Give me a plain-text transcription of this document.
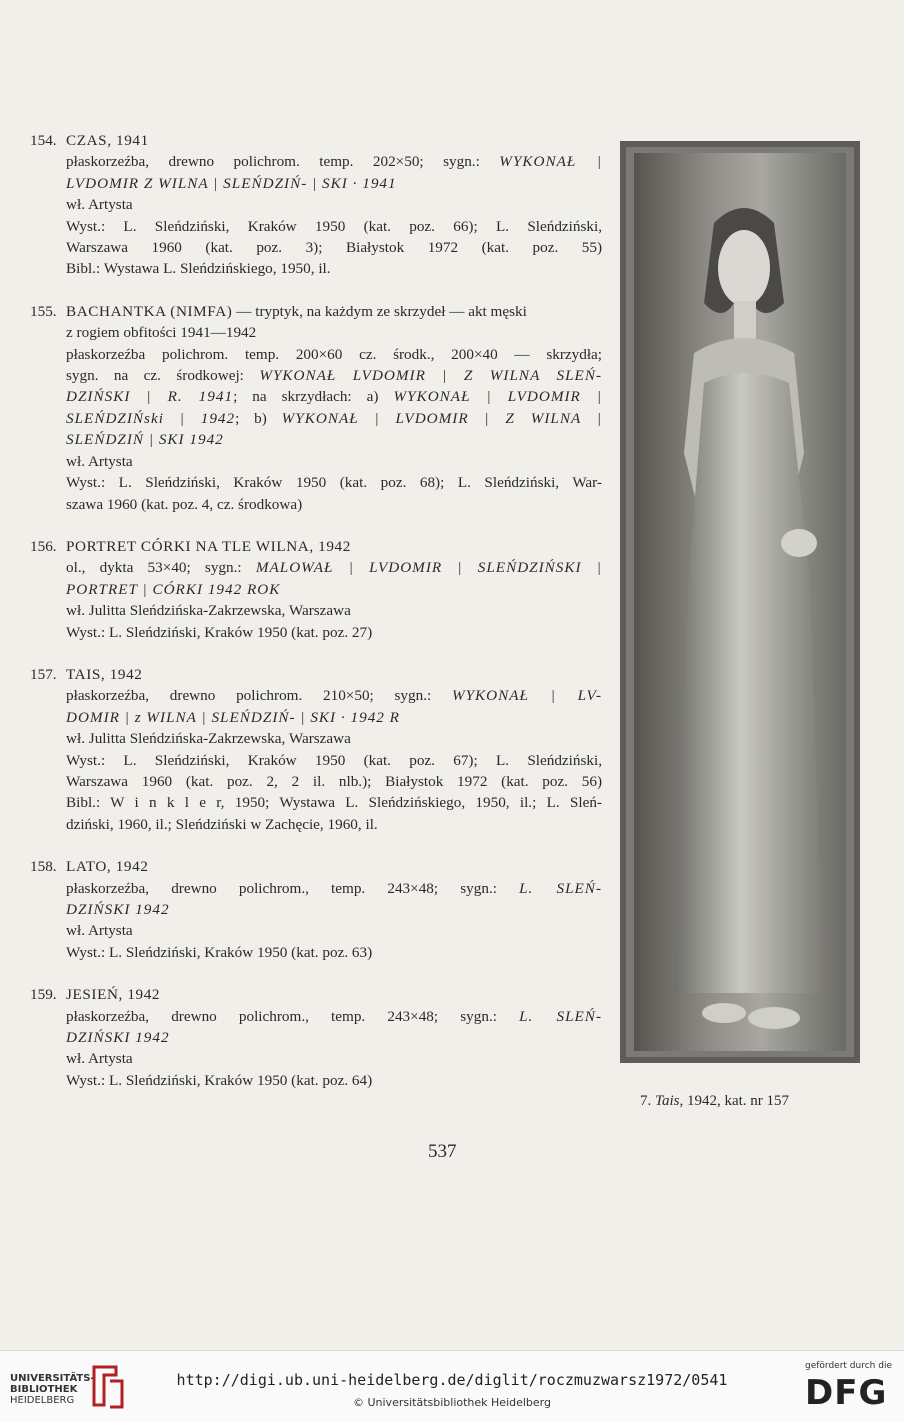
154. CZAS, 1941
płaskorzeźba, drewno polichrom. temp. 202×50; sygn.: WYKONAŁ |
LVDOMIR Z WILNA | SLEŃDZIŃ- | SKI · 1941
wł. Artysta
Wyst.: L. Sleńdziński, Kraków 1950 (kat. poz. 66); L. Sleńdziński,
Warszawa 1960 (kat. poz. 3); Białystok 1972 (kat. poz. 55)
Bibl.: Wystawa L. Sleńdzińskiego, 1950, il.
155. BACHANTKA (NIMFA) — tryptyk, na każdym ze skrzydeł — akt męski
z rogiem obfitości 1941—1942
płaskorzeźba polichrom. temp. 200×60 cz. środk., 200×40 — skrzydła;
sygn. na cz. środkowej: WYKONAŁ LVDOMIR | Z WILNA SLEŃ-
DZIŃSKI | R. 1941; na skrzydłach: a) WYKONAŁ | LVDOMIR |
SLEŃDZIŃski | 1942; b) WYKONAŁ | LVDOMIR | Z WILNA |
SLEŃDZIŃ | SKI 1942
wł. Artysta
Wyst.: L. Sleńdziński, Kraków 1950 (kat. poz. 68); L. Sleńdziński, War-
szawa 1960 (kat. poz. 4, cz. środkowa)
156. PORTRET CÓRKI NA TLE WILNA, 1942
ol., dykta 53×40; sygn.: MALOWAŁ | LVDOMIR | SLEŃDZIŃSKI |
PORTRET | CÓRKI 1942 ROK
wł. Julitta Sleńdzińska-Zakrzewska, Warszawa
Wyst.: L. Sleńdziński, Kraków 1950 (kat. poz. 27)
157. TAIS, 1942
płaskorzeźba, drewno polichrom. 210×50; sygn.: WYKONAŁ | LV-
DOMIR | z WILNA | SLEŃDZIŃ- | SKI · 1942 R
wł. Julitta Sleńdzińska-Zakrzewska, Warszawa
Wyst.: L. Sleńdziński, Kraków 1950 (kat. poz. 67); L. Sleńdziński,
Warszawa 1960 (kat. poz. 2, 2 il. nlb.); Białystok 1972 (kat. poz. 56)
Bibl.: W i n k l e r, 1950; Wystawa L. Sleńdzińskiego, 1950, il.; L. Sleń-
dziński, 1960, il.; Sleńdziński w Zachęcie, 1960, il.
158. LATO, 1942
płaskorzeźba, drewno polichrom., temp. 243×48; sygn.: L. SLEŃ-
DZIŃSKI 1942
wł. Artysta
Wyst.: L. Sleńdziński, Kraków 1950 (kat. poz. 63)
159. JESIEŃ, 1942
płaskorzeźba, drewno polichrom., temp. 243×48; sygn.: L. SLEŃ-
DZIŃSKI 1942
wł. Artysta
Wyst.: L. Sleńdziński, Kraków 1950 (kat. poz. 64)
7. Tais, 1942, kat. nr 157
537
UNIVERSITÄTS-
BIBLIOTHEK
HEIDELBERG
http://digi.ub.uni-heidelberg.de/diglit/roczmuzwarsz1972/0541
© Universitätsbibliothek Heidelberg
gefördert durch die
DFG
